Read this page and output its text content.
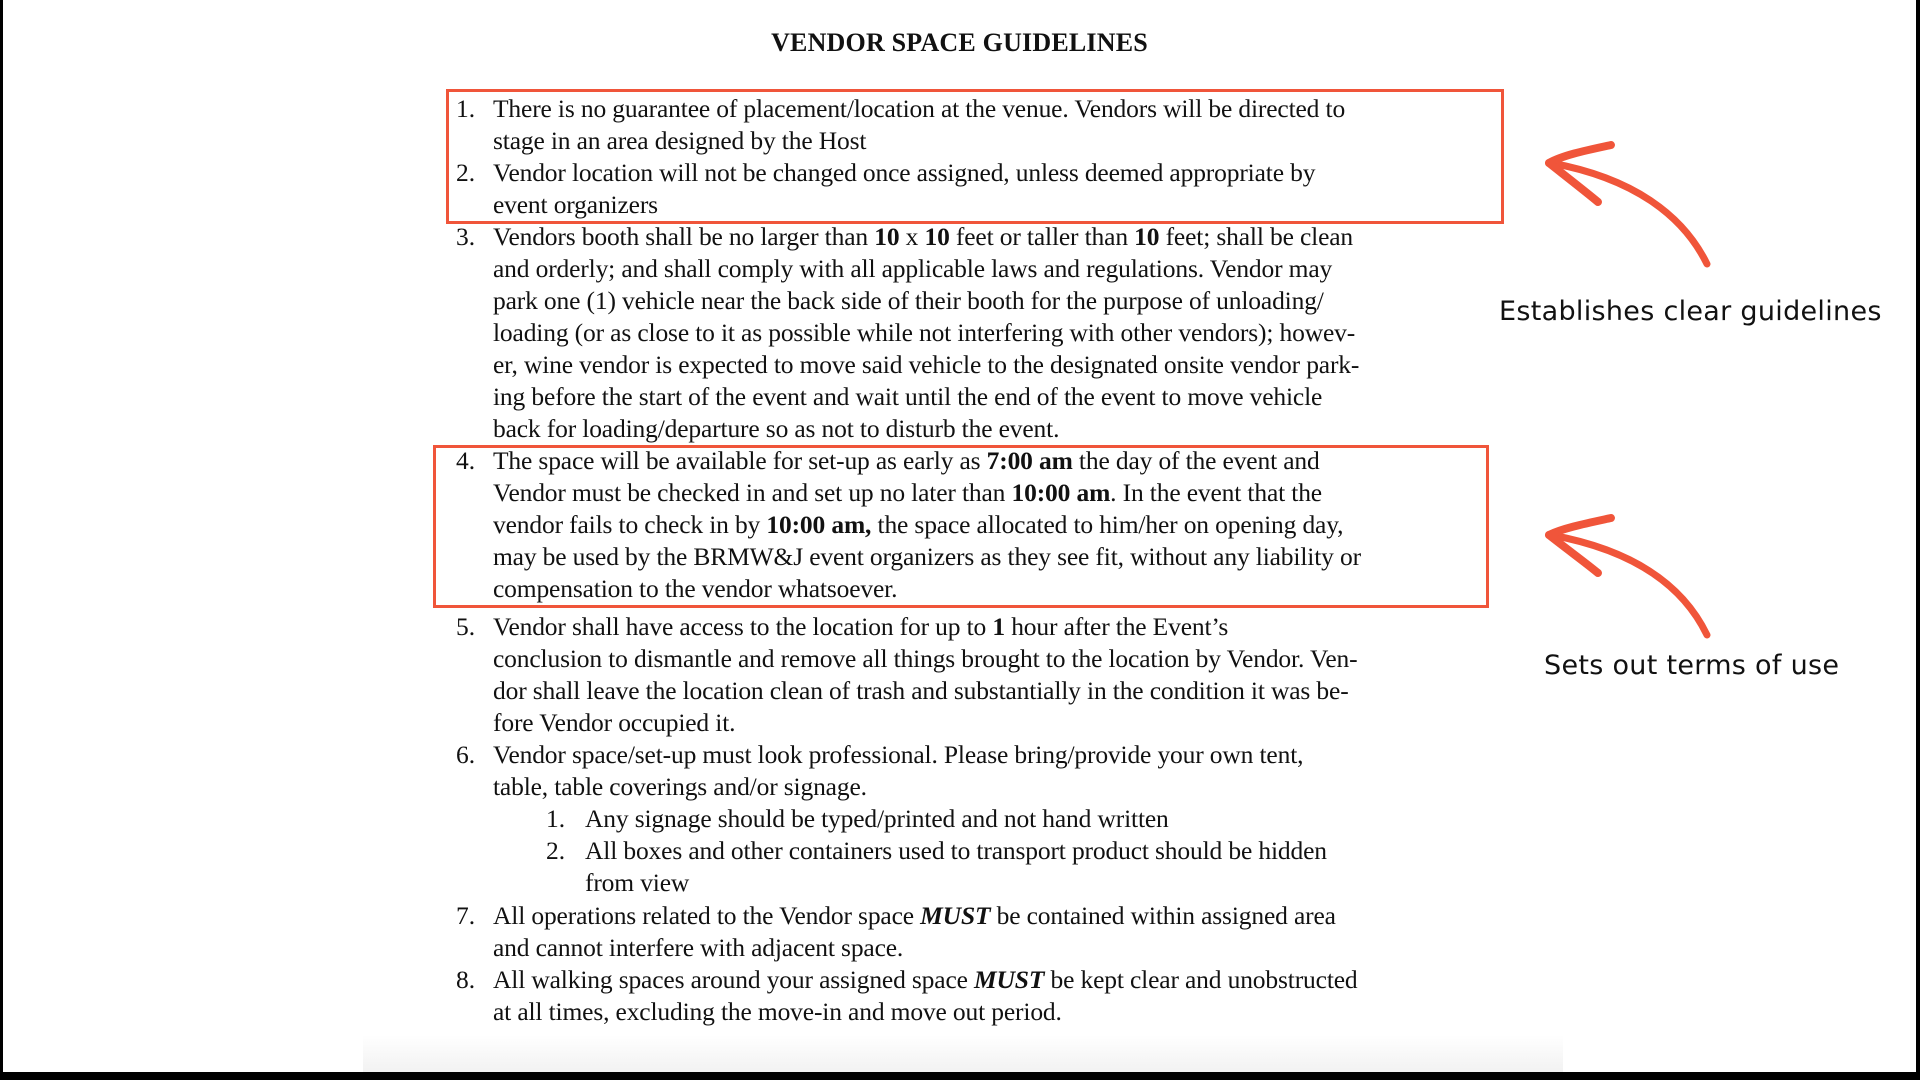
VENDOR SPACE GUIDELINES
1. There is no guarantee of placement/location at the venue. Vendors will be directed to
stage in an area designed by the Host
2. Vendor location will not be changed once assigned, unless deemed appropriate by
event organizers
3. Vendors booth shall be no larger than 10 x 10 feet or taller than 10 feet; shall be clean
and orderly; and shall comply with all applicable laws and regulations. Vendor may
park one (1) vehicle near the back side of their booth for the purpose of unloading/
loading (or as close to it as possible while not interfering with other vendors); howev-
er, wine vendor is expected to move said vehicle to the designated onsite vendor park-
ing before the start of the event and wait until the end of the event to move vehicle
back for loading/departure so as not to disturb the event.
4. The space will be available for set-up as early as 7:00 am the day of the event and
Vendor must be checked in and set up no later than 10:00 am. In the event that the
vendor fails to check in by 10:00 am, the space allocated to him/her on opening day,
may be used by the BRMW&J event organizers as they see fit, without any liability or
compensation to the vendor whatsoever.
5. Vendor shall have access to the location for up to 1 hour after the Event’s
conclusion to dismantle and remove all things brought to the location by Vendor. Ven-
dor shall leave the location clean of trash and substantially in the condition it was be-
fore Vendor occupied it.
6. Vendor space/set-up must look professional. Please bring/provide your own tent,
table, table coverings and/or signage.
1. Any signage should be typed/printed and not hand written
2. All boxes and other containers used to transport product should be hidden
from view
7. All operations related to the Vendor space MUST be contained within assigned area
and cannot interfere with adjacent space.
8. All walking spaces around your assigned space MUST be kept clear and unobstructed
at all times, excluding the move-in and move out period.
Establishes clear guidelines
Sets out terms of use
